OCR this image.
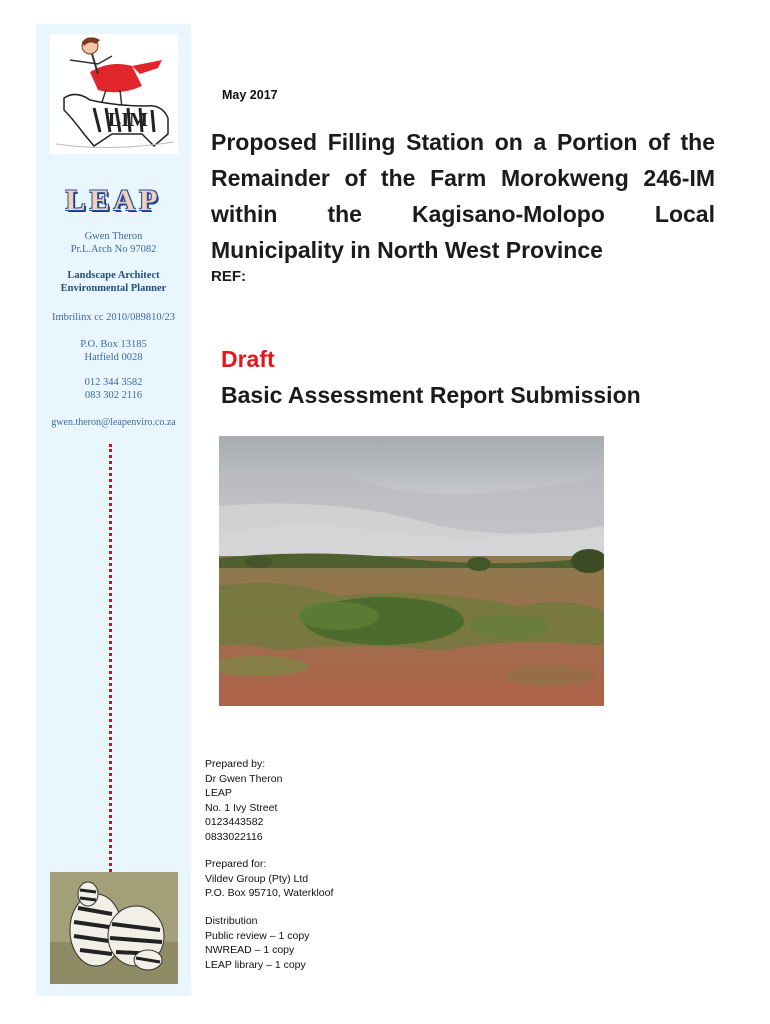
LIM
LEAP
Gwen Theron
Pr.L.Arch No 97082
Landscape Architect
Environmental Planner
Imbrilinx cc 2010/089810/23
P.O. Box 13185
Hatfield 0028
012 344 3582
083 302 2116
gwen.theron@leapenviro.co.za
May 2017
Proposed Filling Station on a Portion of the Remainder of the Farm Morokweng 246-IM within the Kagisano-Molopo Local Municipality in North West Province
REF:
Draft
Basic Assessment Report Submission
Prepared by:
Dr Gwen Theron
LEAP
No. 1 Ivy Street
0123443582
0833022116
Prepared for:
Vildev Group (Pty) Ltd
P.O. Box 95710, Waterkloof
Distribution
Public review – 1 copy
NWREAD – 1 copy
LEAP library – 1 copy
